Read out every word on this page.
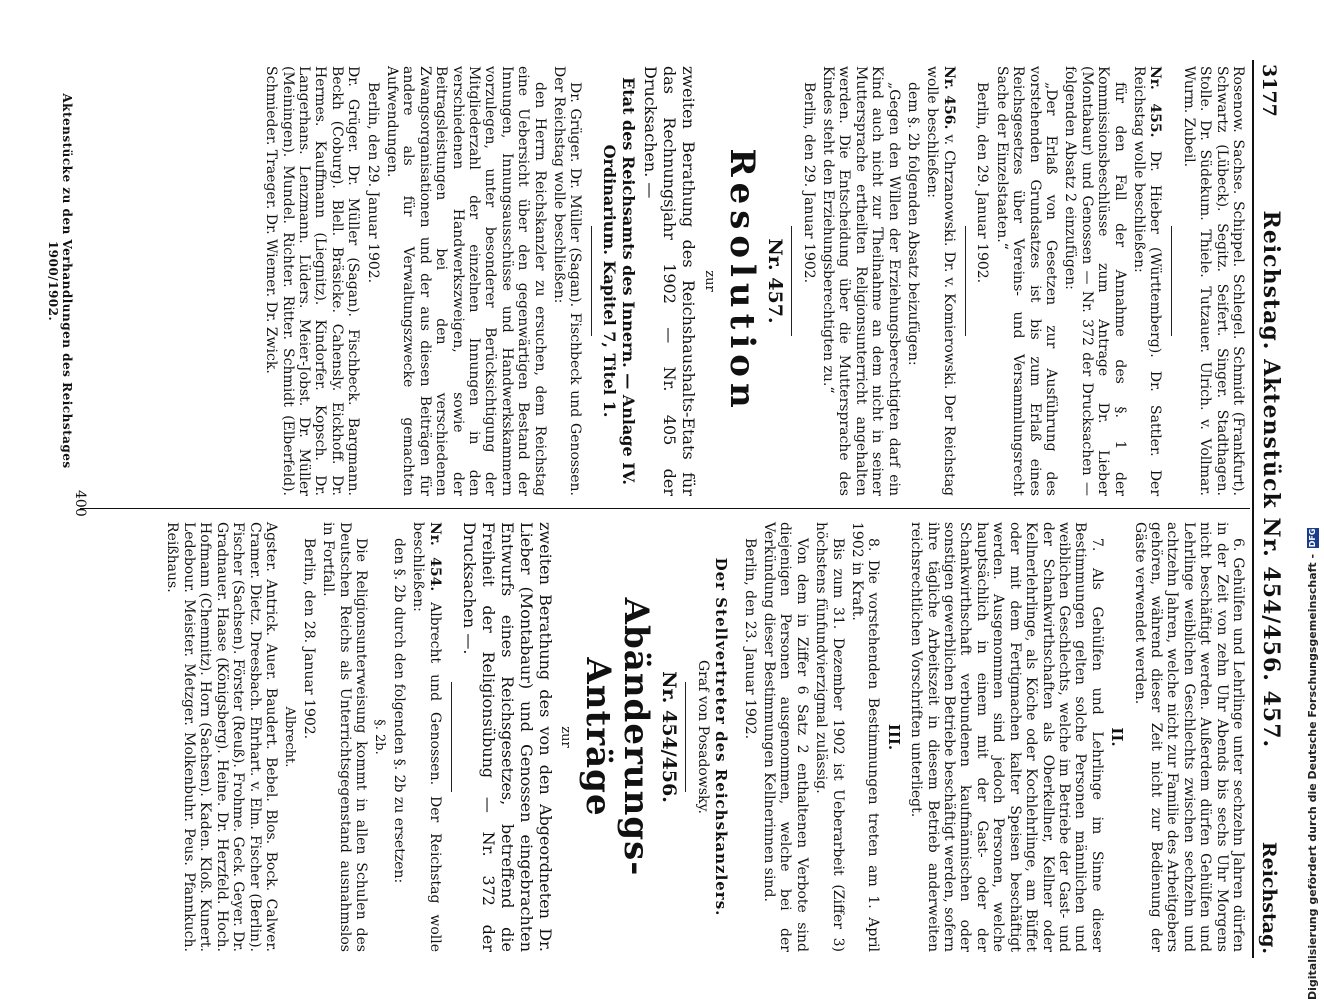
3177
Reichstag. Aktenstück Nr. 454/456. 457.
Reichstag.

6. Gehülfen und Lehrlinge unter sechzehn Jahren dürfen in der Zeit von zehn Uhr Abends bis sechs Uhr Morgens nicht beschäftigt werden. Außerdem dürfen Gehülfen und Lehrlinge weiblichen Geschlechts zwischen sechzehn und achtzehn Jahren, welche nicht zur Familie des Arbeitgebers gehören, während dieser Zeit nicht zur Bedienung der Gäste verwendet werden.

II.

7. Als Gehülfen und Lehrlinge im Sinne dieser Bestimmungen gelten solche Personen männlichen und weiblichen Geschlechts, welche im Betriebe der Gast- und der Schankwirthschaften als Oberkellner, Kellner oder Kellnerlehrlinge, als Köche oder Kochlehrlinge, am Büffet oder mit dem Fertigmachen kalter Speisen beschäftigt werden. Ausgenommen sind jedoch Personen, welche hauptsächlich in einem mit der Gast- oder der Schankwirthschaft verbundenen kaufmännischen oder sonstigen gewerblichen Betriebe beschäftigt werden, sofern ihre tägliche Arbeitszeit in diesem Betrieb anderweiten reichsrechtlichen Vorschriften unterliegt.

III.

8. Die vorstehenden Bestimmungen treten am 1. April 1902 in Kraft.

Bis zum 31. Dezember 1902 ist Ueberarbeit (Ziffer 3) höchstens fünfundvierzigmal zulässig.

Von dem in Ziffer 6 Satz 2 enthaltenen Verbote sind diejenigen Personen ausgenommen, welche bei der Verkündung dieser Bestimmungen Kellnerinnen sind.

Berlin, den 23. Januar 1902.

Der Stellvertreter des Reichskanzlers.
Graf von Posadowsky.
Nr. 454/456.
Abänderungs-Anträge
zur

zweiten Berathung des von den Abgeordneten Dr. Lieber (Montabaur) und Genossen eingebrachten Entwurfs eines Reichsgesetzes, betreffend die Freiheit der Religionsübung — Nr. 372 der Drucksachen —.

Nr. 454. Albrecht und Genossen. Der Reichstag wolle beschließen:

den §. 2b durch den folgenden §. 2b zu ersetzen:

§. 2b.

Die Religionsunterweisung kommt in allen Schulen des Deutschen Reichs als Unterrichtsgegenstand ausnahmslos in Fortfall.

Berlin, den 28. Januar 1902.

Albrecht.

Agster. Antrick. Auer. Baudert. Bebel. Blos. Bock. Calwer. Cramer. Dietz. Dreesbach. Ehrhart. v. Elm. Fischer (Berlin). Fischer (Sachsen). Förster (Reuß). Frohme. Geck. Geyer. Dr. Gradnauer. Haase (Königsberg). Heine. Dr. Herzfeld. Hoch. Hofmann (Chemnitz). Horn (Sachsen). Kaden. Kloß. Kunert. Ledebour. Meister. Metzger. Molkenbuhr. Peus. Pfannkuch. Reißhaus.

Aktenstücke zu den Verhandlungen des Reichstages 1900/1902.	Rosenow. Sachse. Schippel. Schlegel. Schmidt (Frankfurt). Schwartz (Lübeck). Segitz. Seifert. Singer. Stadthagen. Stolle. Dr. Südekum. Thiele. Tutzauer. Ulrich. v. Vollmar. Wurm. Zubeil.

Nr. 455. Dr. Hieber (Württemberg). Dr. Sattler. Der Reichstag wolle beschließen:

für den Fall der Annahme des §. 1 der Kommissionsbeschlüsse zum Antrage Dr. Lieber (Montabaur) und Genossen — Nr. 372 der Drucksachen — folgenden Absatz 2 einzufügen:

„Der Erlaß von Gesetzen zur Ausführung des vorstehenden Grundsatzes ist bis zum Erlaß eines Reichsgesetzes über Vereins- und Versammlungsrecht Sache der Einzelstaaten.“

Berlin, den 29. Januar 1902.

Nr. 456. v. Chrzanowski. Dr. v. Komierowski. Der Reichstag wolle beschließen:

dem §. 2b folgenden Absatz beizufügen:

„Gegen den Willen der Erziehungsberechtigten darf ein Kind auch nicht zur Theilnahme an dem nicht in seiner Muttersprache ertheilten Religionsunterricht angehalten werden. Die Entscheidung über die Muttersprache des Kindes steht den Erziehungsberechtigten zu.“

Berlin, den 29. Januar 1902.

Nr. 457.
Resolution
zur

zweiten Berathung des Reichshaushalts-Etats für das Rechnungsjahr 1902 — Nr. 405 der Drucksachen. —

Etat des Reichsamts des Innern. — Anlage IV. Ordinarium. Kapitel 7, Titel 1.

Dr. Grüger. Dr. Müller (Sagan). Fischbeck und Genossen. Der Reichstag wolle beschließen:

den Herrn Reichskanzler zu ersuchen, dem Reichstag eine Uebersicht über den gegenwärtigen Bestand der Innungen, Innungsausschüsse und Handwerkskammern vorzulegen, unter besonderer Berücksichtigung der Mitgliederzahl der einzelnen Innungen in den verschiedenen Handwerkszweigen, sowie der Beitragsleistungen bei den verschiedenen Zwangsorganisationen und der aus diesen Beiträgen für andere als für Verwaltungszwecke gemachten Aufwendungen.

Berlin, den 29. Januar 1902.

Dr. Grüger. Dr. Müller (Sagan). Fischbeck. Bargmann. Beckh (Coburg). Blell. Bräsicke. Cahensly. Eickhoff. Dr. Hermes. Kauffmann (Liegnitz). Kindorfer. Kopsch. Dr. Langerhans. Lenzmann. Lüders. Meier-Jobst. Dr. Müller (Meiningen). Mundel. Richter. Ritter. Schmidt (Elberfeld). Schmieder. Traeger. Dr. Wiemer. Dr. Zwick.

400
Digitalisierung gefördert durch die Deutsche Forschungsgemeinschaft -
DFG
